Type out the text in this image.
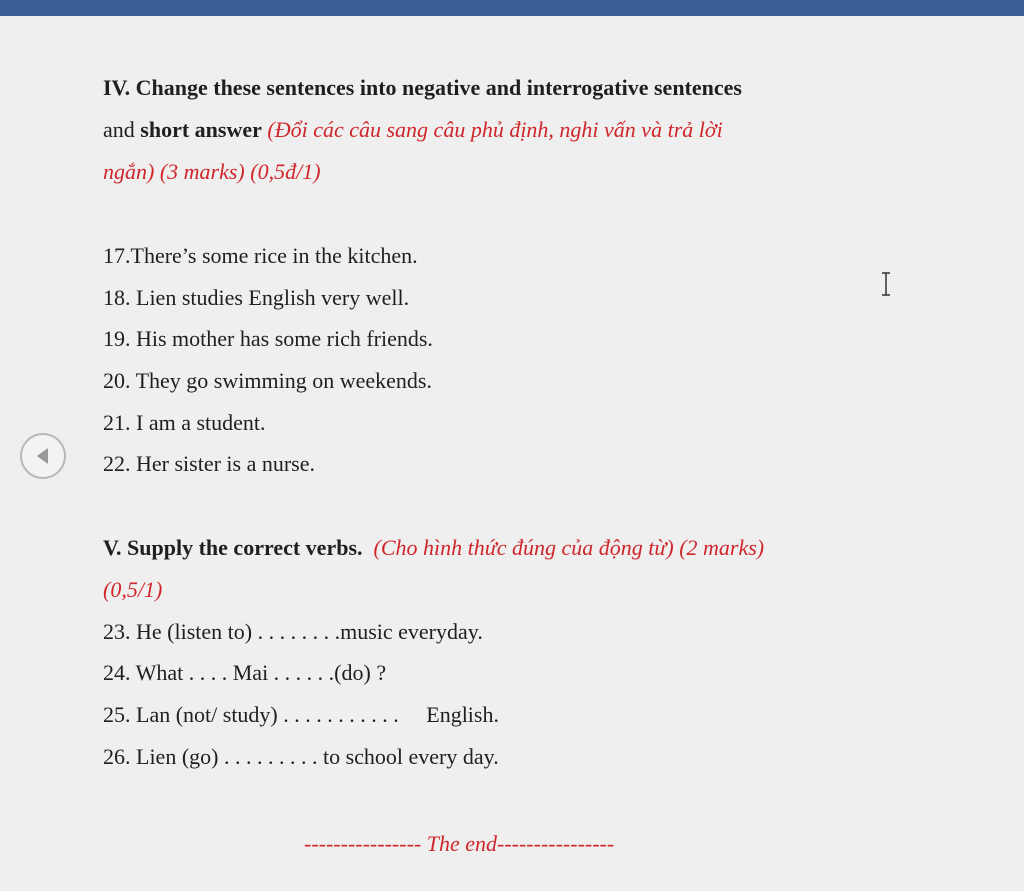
IV. Change these sentences into negative and interrogative sentences
and short answer (Đổi các câu sang câu phủ định, nghi vấn và trả lời
ngắn) (3 marks) (0,5đ/1)
17.There’s some rice in the kitchen.
18. Lien studies English very well.
19. His mother has some rich friends.
20. They go swimming on weekends.
21. I am a student.
22. Her sister is a nurse.
V. Supply the correct verbs. (Cho hình thức đúng của động từ) (2 marks)
(0,5/1)
23. He (listen to) . . . . . . . .music everyday.
24. What . . . . Mai . . . . . .(do) ?
25. Lan (not/ study) . . . . . . . . . . .     English.
26. Lien (go) . . . . . . . . . to school every day.
---------------- The end----------------
